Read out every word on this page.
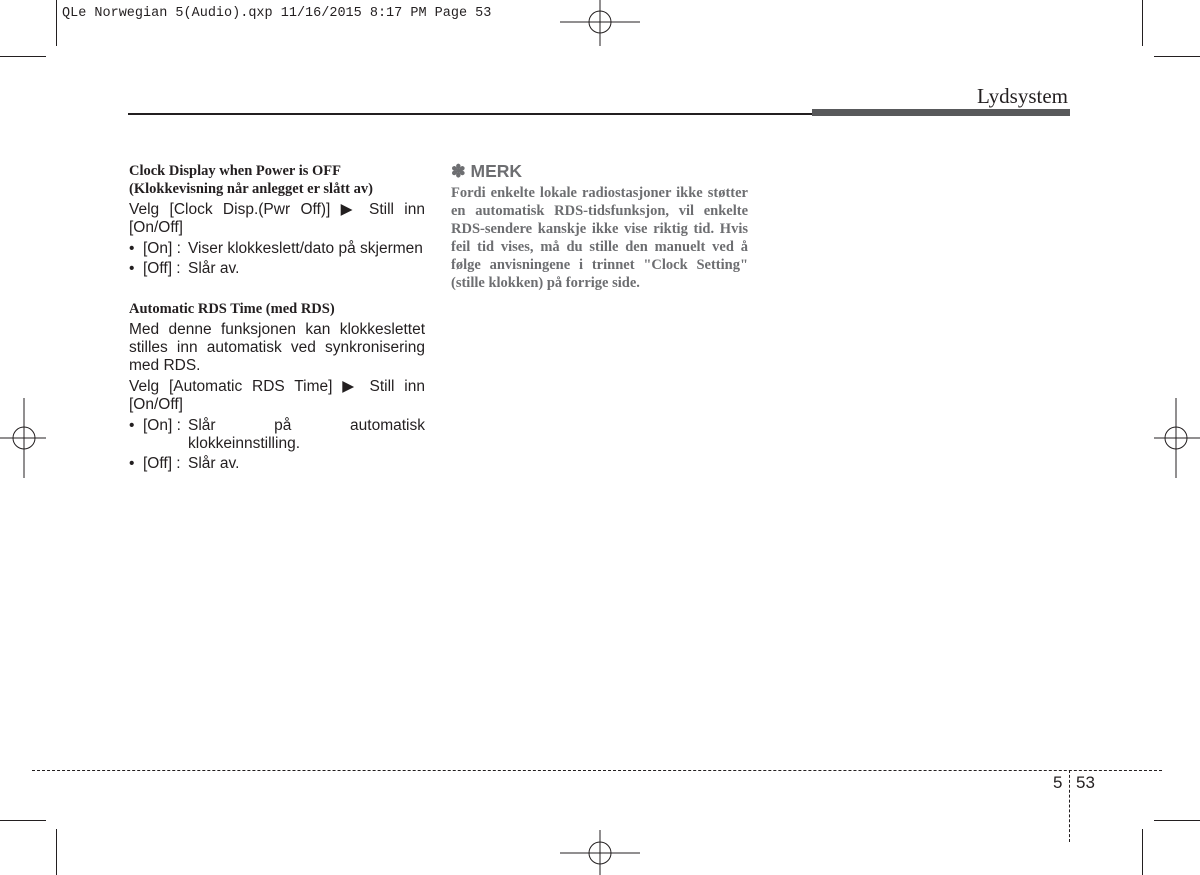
QLe Norwegian 5(Audio).qxp 11/16/2015 8:17 PM Page 53
Lydsystem

Clock Display when Power is OFF
(Klokkevisning når anlegget er slått av)

Velg [Clock Disp.(Pwr Off)] ▶ Still inn [On/Off]

• [On] : Viser klokkeslett/dato på skjermen
• [Off] : Slår av.

Automatic RDS Time (med RDS)

Med denne funksjonen kan klokkeslettet stilles inn automatisk ved synkronisering med RDS.

Velg [Automatic RDS Time] ▶ Still inn [On/Off]

• [On] : Slår på automatisk klokkeinnstilling.
• [Off] : Slår av.

✽ MERK

Fordi enkelte lokale radiostasjoner ikke støtter en automatisk RDS-tidsfunksjon, vil enkelte RDS-sendere kanskje ikke vise riktig tid. Hvis feil tid vises, må du stille den manuelt ved å følge anvisningene i trinnet "Clock Setting" (stille klokken) på forrige side.

5 53
